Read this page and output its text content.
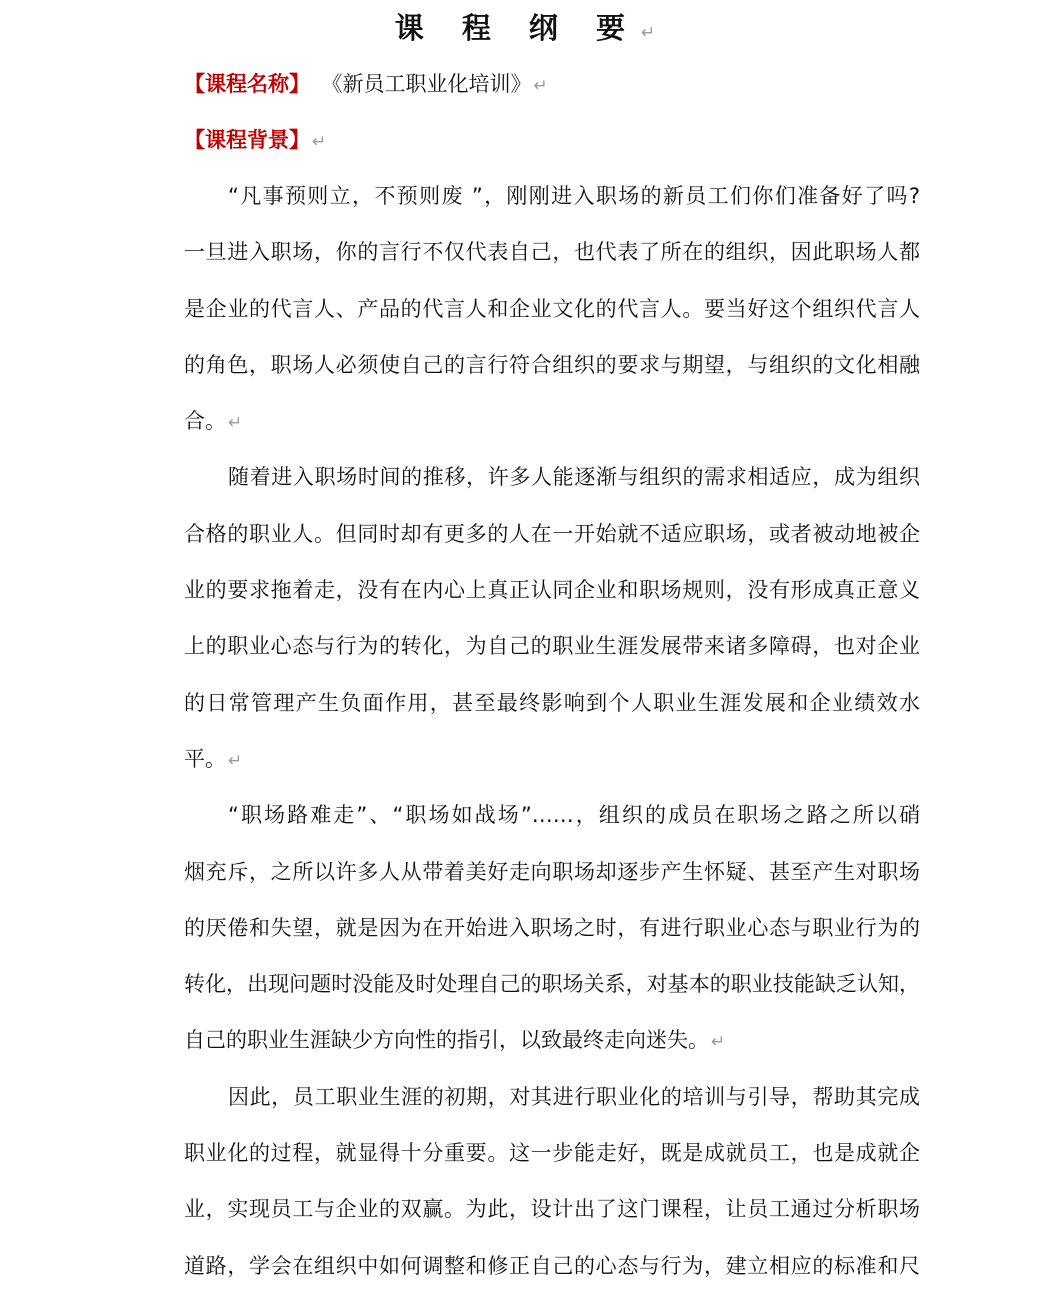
课 程 纲 要 ↵
【课程名称】 《新员工职业化培训》 ↵
【课程背景】 ↵
“凡事预则立，不预则废 ”，刚刚进入职场的新员工们你们准备好了吗?
一旦进入职场，你的言行不仅代表自己，也代表了所在的组织，因此职场人都
是企业的代言人、产品的代言人和企业文化的代言人。要当好这个组织代言人
的角色，职场人必须使自己的言行符合组织的要求与期望，与组织的文化相融
合。 ↵
随着进入职场时间的推移，许多人能逐渐与组织的需求相适应，成为组织
合格的职业人。但同时却有更多的人在一开始就不适应职场，或者被动地被企
业的要求拖着走，没有在内心上真正认同企业和职场规则，没有形成真正意义
上的职业心态与行为的转化，为自己的职业生涯发展带来诸多障碍，也对企业
的日常管理产生负面作用，甚至最终影响到个人职业生涯发展和企业绩效水
平。 ↵
“职场路难走”、“职场如战场”……，组织的成员在职场之路之所以硝
烟充斥，之所以许多人从带着美好走向职场却逐步产生怀疑、甚至产生对职场
的厌倦和失望，就是因为在开始进入职场之时，有进行职业心态与职业行为的
转化，出现问题时没能及时处理自己的职场关系，对基本的职业技能缺乏认知，
自己的职业生涯缺少方向性的指引，以致最终走向迷失。 ↵
因此，员工职业生涯的初期，对其进行职业化的培训与引导，帮助其完成
职业化的过程，就显得十分重要。这一步能走好，既是成就员工，也是成就企
业，实现员工与企业的双赢。为此，设计出了这门课程，让员工通过分析职场
道路，学会在组织中如何调整和修正自己的心态与行为，建立相应的标准和尺
